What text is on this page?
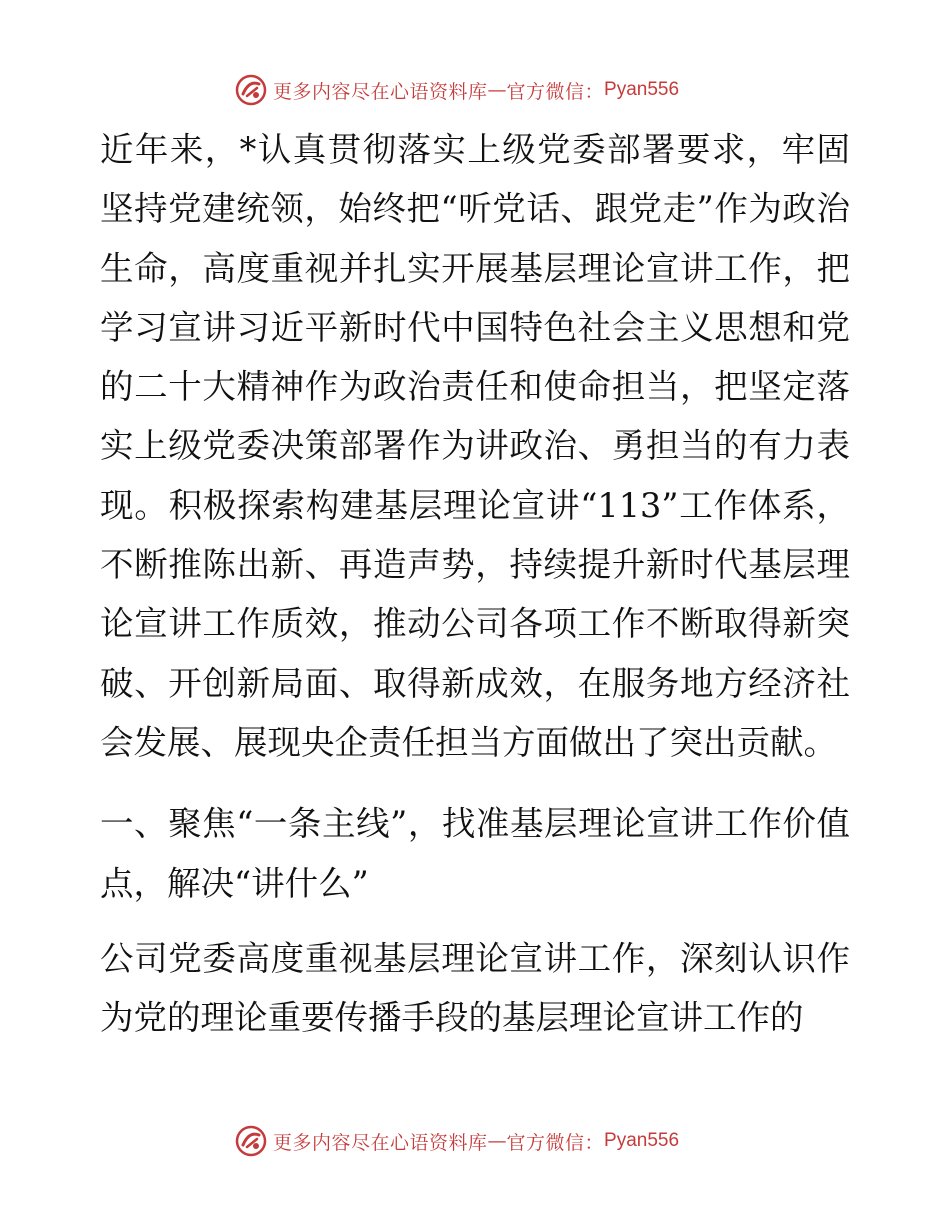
更多内容尽在心语资料库 — 官方微信： Pyan556

近年来，*认真贯彻落实上级党委部署要求，牢固坚持党建统领，始终把“听党话、跟党走”作为政治生命，高度重视并扎实开展基层理论宣讲工作，把学习宣讲习近平新时代中国特色社会主义思想和党的二十大精神作为政治责任和使命担当，把坚定落实上级党委决策部署作为讲政治、勇担当的有力表现。积极探索构建基层理论宣讲“113”工作体系，不断推陈出新、再造声势，持续提升新时代基层理论宣讲工作质效，推动公司各项工作不断取得新突破、开创新局面、取得新成效，在服务地方经济社会发展、展现央企责任担当方面做出了突出贡献。

一、聚焦“一条主线”，找准基层理论宣讲工作价值点，解决“讲什么”

公司党委高度重视基层理论宣讲工作，深刻认识作为党的理论重要传播手段的基层理论宣讲工作的

更多内容尽在心语资料库 — 官方微信： Pyan556
